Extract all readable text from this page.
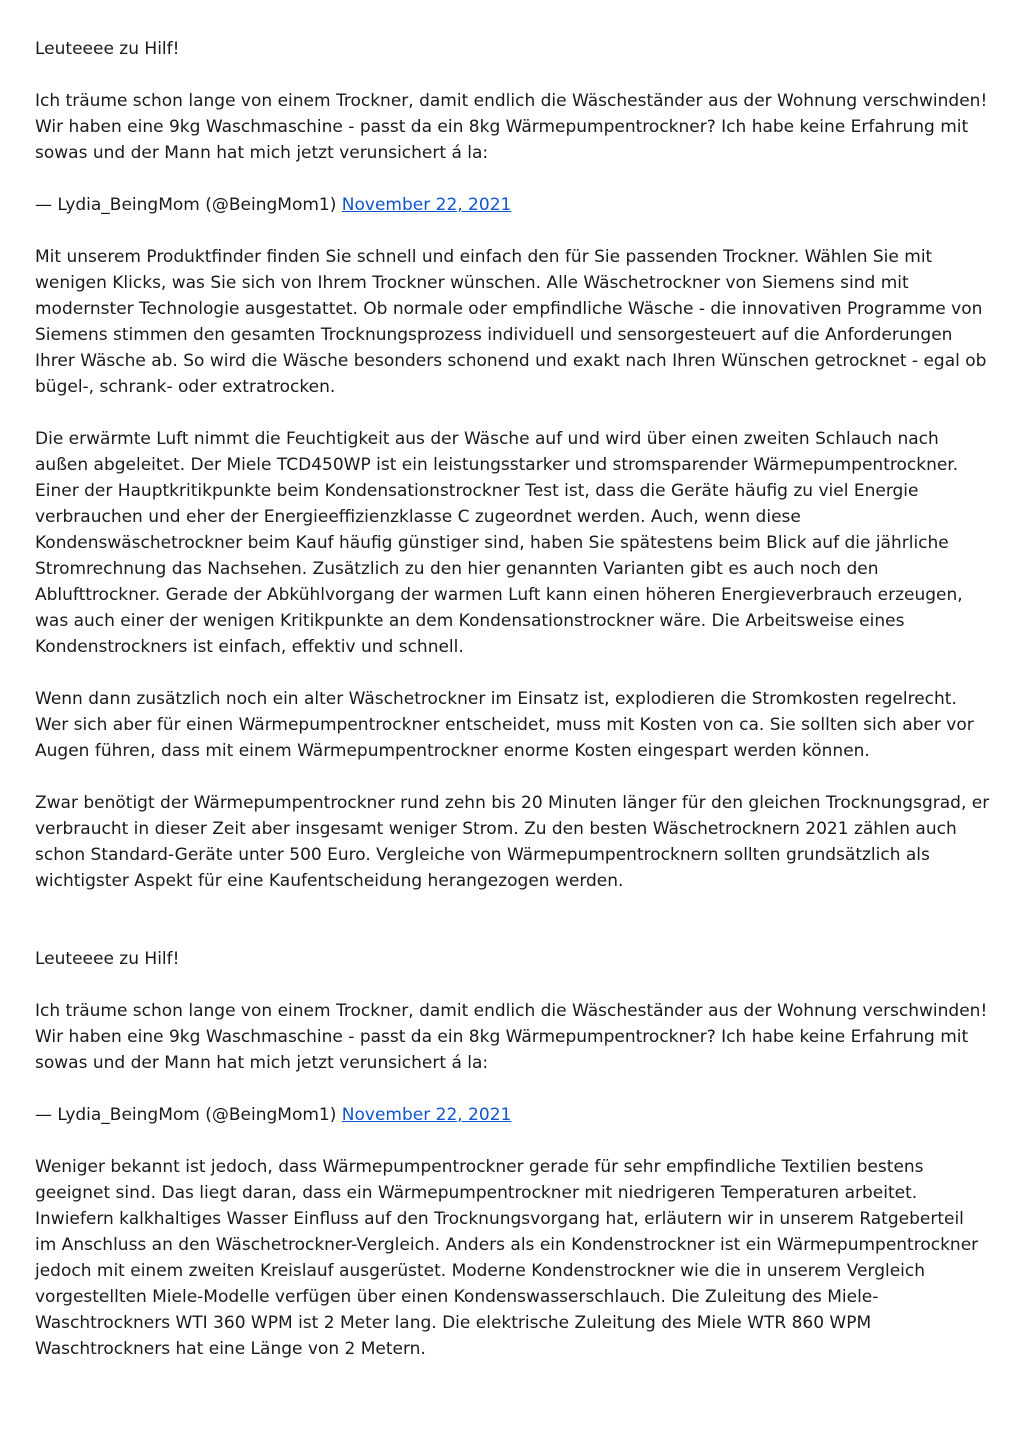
Leuteeee zu Hilf!

Ich träume schon lange von einem Trockner, damit endlich die Wäscheständer aus der Wohnung verschwinden! Wir haben eine 9kg Waschmaschine - passt da ein 8kg Wärmepumpentrockner? Ich habe keine Erfahrung mit sowas und der Mann hat mich jetzt verunsichert á la:

— Lydia_BeingMom (@BeingMom1) November 22, 2021

Mit unserem Produktfinder finden Sie schnell und einfach den für Sie passenden Trockner. Wählen Sie mit wenigen Klicks, was Sie sich von Ihrem Trockner wünschen. Alle Wäschetrockner von Siemens sind mit modernster Technologie ausgestattet. Ob normale oder empfindliche Wäsche - die innovativen Programme von Siemens stimmen den gesamten Trocknungsprozess individuell und sensorgesteuert auf die Anforderungen Ihrer Wäsche ab. So wird die Wäsche besonders schonend und exakt nach Ihren Wünschen getrocknet - egal ob bügel-, schrank- oder extratrocken.

Die erwärmte Luft nimmt die Feuchtigkeit aus der Wäsche auf und wird über einen zweiten Schlauch nach außen abgeleitet. Der Miele TCD450WP ist ein leistungsstarker und stromsparender Wärmepumpentrockner. Einer der Hauptkritikpunkte beim Kondensationstrockner Test ist, dass die Geräte häufig zu viel Energie verbrauchen und eher der Energieeffizienzklasse C zugeordnet werden. Auch, wenn diese Kondenswäschetrockner beim Kauf häufig günstiger sind, haben Sie spätestens beim Blick auf die jährliche Stromrechnung das Nachsehen. Zusätzlich zu den hier genannten Varianten gibt es auch noch den Ablufttrockner. Gerade der Abkühlvorgang der warmen Luft kann einen höheren Energieverbrauch erzeugen, was auch einer der wenigen Kritikpunkte an dem Kondensationstrockner wäre. Die Arbeitsweise eines Kondenstrockners ist einfach, effektiv und schnell.

Wenn dann zusätzlich noch ein alter Wäschetrockner im Einsatz ist, explodieren die Stromkosten regelrecht. Wer sich aber für einen Wärmepumpentrockner entscheidet, muss mit Kosten von ca. Sie sollten sich aber vor Augen führen, dass mit einem Wärmepumpentrockner enorme Kosten eingespart werden können.

Zwar benötigt der Wärmepumpentrockner rund zehn bis 20 Minuten länger für den gleichen Trocknungsgrad, er verbraucht in dieser Zeit aber insgesamt weniger Strom. Zu den besten Wäschetrocknern 2021 zählen auch schon Standard-Geräte unter 500 Euro. Vergleiche von Wärmepumpentrocknern sollten grundsätzlich als wichtigster Aspekt für eine Kaufentscheidung herangezogen werden.

Leuteeee zu Hilf!

Ich träume schon lange von einem Trockner, damit endlich die Wäscheständer aus der Wohnung verschwinden! Wir haben eine 9kg Waschmaschine - passt da ein 8kg Wärmepumpentrockner? Ich habe keine Erfahrung mit sowas und der Mann hat mich jetzt verunsichert á la:

— Lydia_BeingMom (@BeingMom1) November 22, 2021

Weniger bekannt ist jedoch, dass Wärmepumpentrockner gerade für sehr empfindliche Textilien bestens geeignet sind. Das liegt daran, dass ein Wärmepumpentrockner mit niedrigeren Temperaturen arbeitet. Inwiefern kalkhaltiges Wasser Einfluss auf den Trocknungsvorgang hat, erläutern wir in unserem Ratgeberteil im Anschluss an den Wäschetrockner-Vergleich. Anders als ein Kondenstrockner ist ein Wärmepumpentrockner jedoch mit einem zweiten Kreislauf ausgerüstet. Moderne Kondenstrockner wie die in unserem Vergleich vorgestellten Miele-Modelle verfügen über einen Kondenswasserschlauch. Die Zuleitung des Miele-Waschtrockners WTI 360 WPM ist 2 Meter lang. Die elektrische Zuleitung des Miele WTR 860 WPM Waschtrockners hat eine Länge von 2 Metern.
